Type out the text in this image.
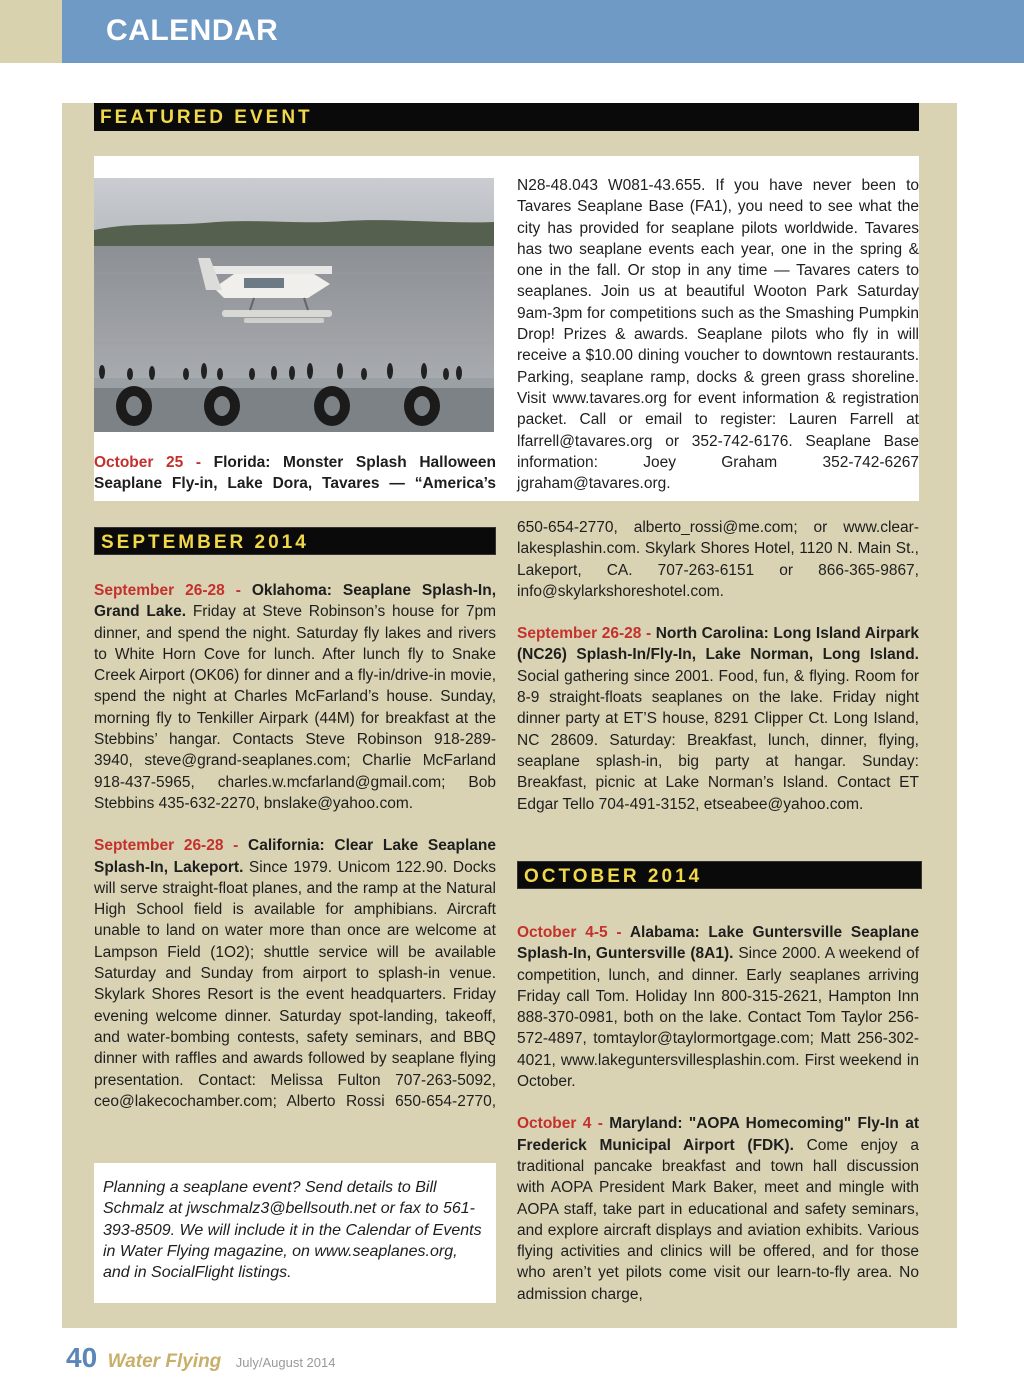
CALENDAR
FEATURED EVENT
October 25 - Florida: Monster Splash Halloween Seaplane Fly-in, Lake Dora, Tavares — “America’s
N28-48.043 W081-43.655. If you have never been to Tavares Seaplane Base (FA1), you need to see what the city has provided for seaplane pilots worldwide. Tavares has two seaplane events each year, one in the spring & one in the fall. Or stop in any time — Tavares caters to seaplanes. Join us at beautiful Wooton Park Saturday 9am-3pm for competitions such as the Smashing Pumpkin Drop! Prizes & awards. Seaplane pilots who fly in will receive a $10.00 dining voucher to downtown restaurants. Parking, seaplane ramp, docks & green grass shoreline. Visit www.tavares.org for event information & registration packet. Call or email to register: Lauren Farrell at lfarrell@tavares.org or 352-742-6176. Seaplane Base information: Joey Graham 352-742-6267 jgraham@tavares.org.
SEPTEMBER 2014

September 26-28 - Oklahoma: Seaplane Splash-In, Grand Lake. Friday at Steve Robinson’s house for 7pm dinner, and spend the night. Saturday fly lakes and rivers to White Horn Cove for lunch. After lunch fly to Snake Creek Airport (OK06) for dinner and a fly-in/drive-in movie, spend the night at Charles McFarland’s house. Sunday, morning fly to Tenkiller Airpark (44M) for breakfast at the Stebbins’ hangar. Contacts Steve Robinson 918-289-3940, steve@grand-seaplanes.com; Charlie McFarland 918-437-5965, charles.w.mcfarland@gmail.com; Bob Stebbins 435-632-2270, bnslake@yahoo.com.

September 26-28 - California: Clear Lake Seaplane Splash-In, Lakeport. Since 1979. Unicom 122.90. Docks will serve straight-float planes, and the ramp at the Natural High School field is available for amphibians. Aircraft unable to land on water more than once are welcome at Lampson Field (1O2); shuttle service will be available Saturday and Sunday from airport to splash-in venue. Skylark Shores Resort is the event headquarters. Friday evening welcome dinner. Saturday spot-landing, takeoff, and water-bombing contests, safety seminars, and BBQ dinner with raffles and awards followed by seaplane flying presentation. Contact: Melissa Fulton 707-263-5092, ceo@lakecochamber.com; Alberto Rossi 650-654-2770,

Planning a seaplane event? Send details to Bill Schmalz at jwschmalz3@bellsouth.net or fax to 561-393-8509. We will include it in the Calendar of Events in Water Flying magazine, on www.seaplanes.org, and in SocialFlight listings.

650-654-2770, alberto_rossi@me.com; or www.clear-lakesplashin.com. Skylark Shores Hotel, 1120 N. Main St., Lakeport, CA. 707-263-6151 or 866-365-9867, info@skylarkshoreshotel.com.

September 26-28 - North Carolina: Long Island Airpark (NC26) Splash-In/Fly-In, Lake Norman, Long Island. Social gathering since 2001. Food, fun, & flying. Room for 8-9 straight-floats seaplanes on the lake. Friday night dinner party at ET’S house, 8291 Clipper Ct. Long Island, NC 28609. Saturday: Breakfast, lunch, dinner, flying, seaplane splash-in, big party at hangar. Sunday: Breakfast, picnic at Lake Norman’s Island. Contact ET Edgar Tello 704-491-3152, etseabee@yahoo.com.

OCTOBER 2014

October 4-5 - Alabama: Lake Guntersville Seaplane Splash-In, Guntersville (8A1). Since 2000. A weekend of competition, lunch, and dinner. Early seaplanes arriving Friday call Tom. Holiday Inn 800-315-2621, Hampton Inn 888-370-0981, both on the lake. Contact Tom Taylor 256-572-4897, tomtaylor@taylormortgage.com; Matt 256-302-4021, www.lakeguntersvillesplashin.com. First weekend in October.

October 4 - Maryland: "AOPA Homecoming" Fly-In at Frederick Municipal Airport (FDK). Come enjoy a traditional pancake breakfast and town hall discussion with AOPA President Mark Baker, meet and mingle with AOPA staff, take part in educational and safety seminars, and explore aircraft displays and aviation exhibits. Various flying activities and clinics will be offered, and for those who aren’t yet pilots come visit our learn-to-fly area. No admission charge,

40 Water Flying July/August 2014
